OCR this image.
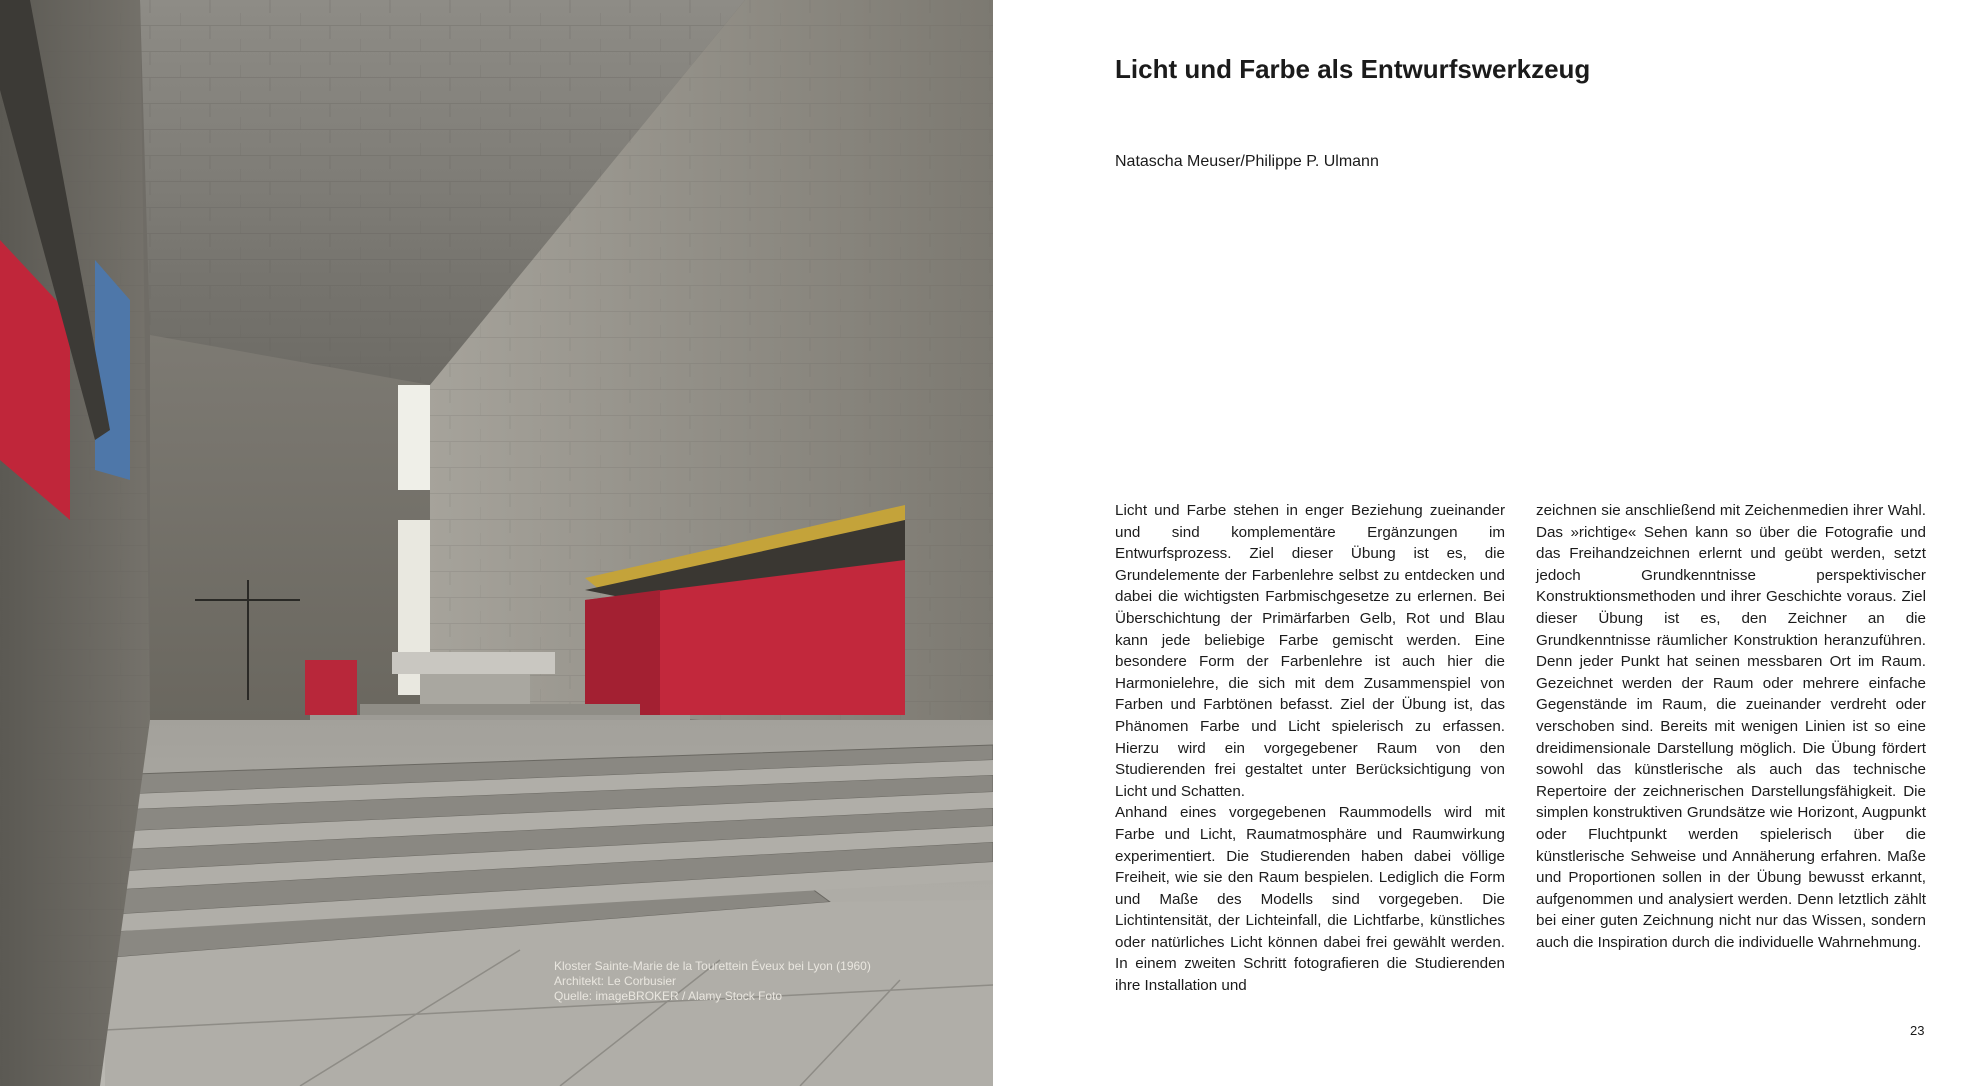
Kloster Sainte-Marie de la Tourettein Éveux bei Lyon (1960)
Architekt: Le Corbusier
Quelle: imageBROKER / Alamy Stock Foto
Licht und Farbe als Entwurfswerkzeug
Natascha Meuser/Philippe P. Ulmann

Licht und Farbe stehen in enger Beziehung zueinander und sind komplementäre Ergänzungen im Entwurfsprozess. Ziel dieser Übung ist es, die Grundelemente der Farbenlehre selbst zu entdecken und dabei die wichtigsten Farbmischgesetze zu erlernen. Bei Überschichtung der Primärfarben Gelb, Rot und Blau kann jede beliebige Farbe gemischt werden. Eine besondere Form der Farbenlehre ist auch hier die Harmonielehre, die sich mit dem Zusammenspiel von Farben und Farbtönen befasst. Ziel der Übung ist, das Phänomen Farbe und Licht spielerisch zu erfassen. Hierzu wird ein vorgegebener Raum von den Studierenden frei gestaltet unter Berücksichtigung von Licht und Schatten.

Anhand eines vorgegebenen Raummodells wird mit Farbe und Licht, Raumatmosphäre und Raumwirkung experimentiert. Die Studierenden haben dabei völlige Freiheit, wie sie den Raum bespielen. Lediglich die Form und Maße des Modells sind vorgegeben. Die Lichtintensität, der Lichteinfall, die Lichtfarbe, künstliches oder natürliches Licht können dabei frei gewählt werden. In einem zweiten Schritt fotografieren die Studierenden ihre Installation und

zeichnen sie anschließend mit Zeichenmedien ihrer Wahl. Das »richtige« Sehen kann so über die Fotografie und das Freihandzeichnen erlernt und geübt werden, setzt jedoch Grundkenntnisse perspektivischer Konstruktionsmethoden und ihrer Geschichte voraus. Ziel dieser Übung ist es, den Zeichner an die Grundkenntnisse räumlicher Konstruktion heranzuführen. Denn jeder Punkt hat seinen messbaren Ort im Raum. Gezeichnet werden der Raum oder mehrere einfache Gegenstände im Raum, die zueinander verdreht oder verschoben sind. Bereits mit wenigen Linien ist so eine dreidimensionale Darstellung möglich. Die Übung fördert sowohl das künstlerische als auch das technische Repertoire der zeichnerischen Darstellungsfähigkeit. Die simplen konstruktiven Grundsätze wie Horizont, Augpunkt oder Fluchtpunkt werden spielerisch über die künstlerische Sehweise und Annäherung erfahren. Maße und Proportionen sollen in der Übung bewusst erkannt, aufgenommen und analysiert werden. Denn letztlich zählt bei einer guten Zeichnung nicht nur das Wissen, sondern auch die Inspiration durch die individuelle Wahrnehmung.

23
